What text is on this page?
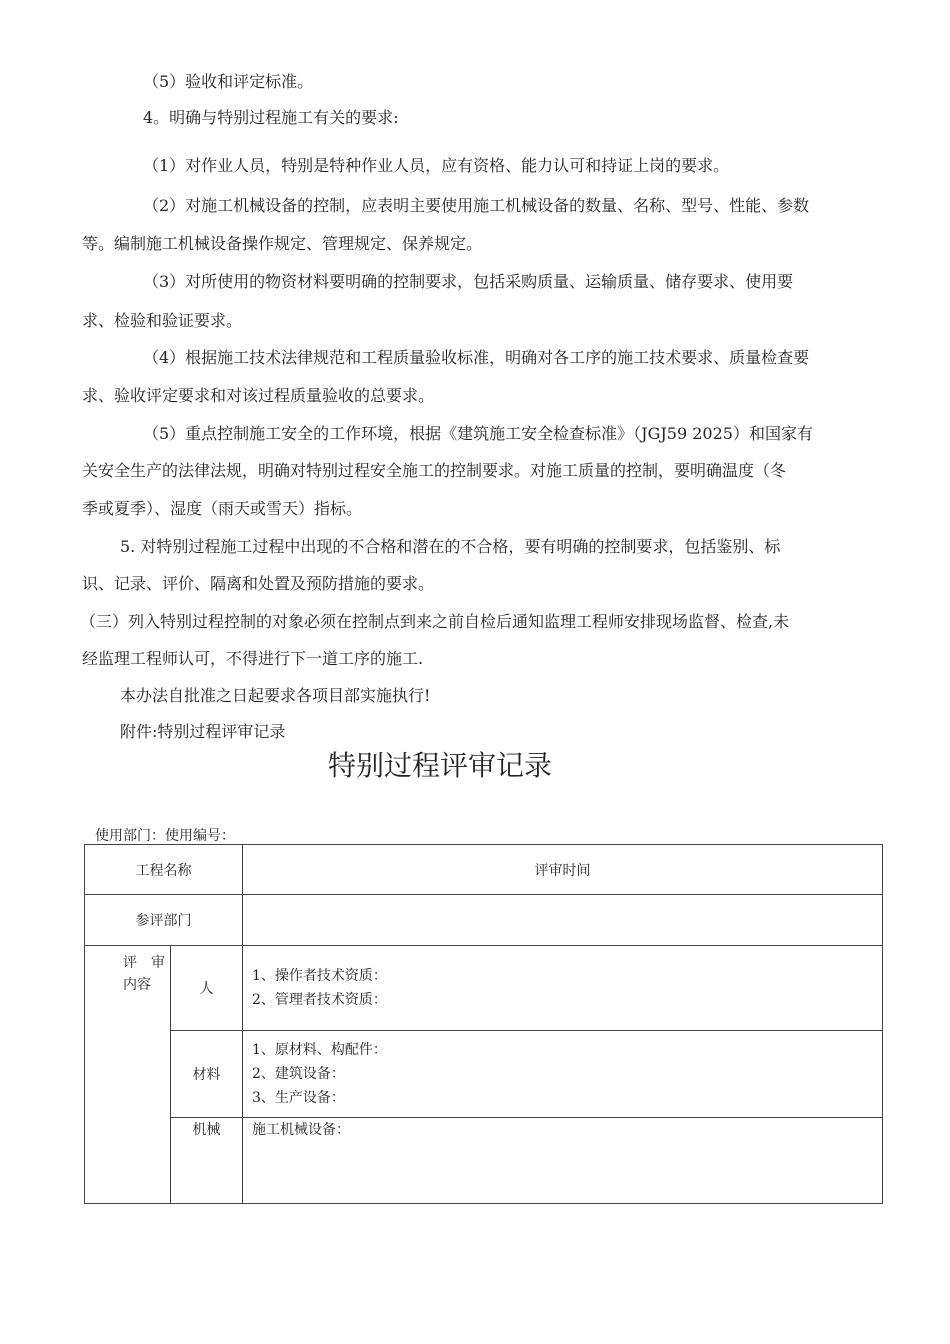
（5）验收和评定标准。
4。明确与特别过程施工有关的要求:
（1）对作业人员，特别是特种作业人员，应有资格、能力认可和持证上岗的要求。
（2）对施工机械设备的控制，应表明主要使用施工机械设备的数量、名称、型号、性能、参数
等。编制施工机械设备操作规定、管理规定、保养规定。
（3）对所使用的物资材料要明确的控制要求，包括采购质量、运输质量、储存要求、使用要
求、检验和验证要求。
（4）根据施工技术法律规范和工程质量验收标准，明确对各工序的施工技术要求、质量检查要
求、验收评定要求和对该过程质量验收的总要求。
（5）重点控制施工安全的工作环境，根据《建筑施工安全检查标准》（JGJ59 2025）和国家有
关安全生产的法律法规，明确对特别过程安全施工的控制要求。对施工质量的控制，要明确温度（冬
季或夏季）、湿度（雨天或雪天）指标。
5. 对特别过程施工过程中出现的不合格和潜在的不合格，要有明确的控制要求，包括鉴别、标
识、记录、评价、隔离和处置及预防措施的要求。
（三）列入特别过程控制的对象必须在控制点到来之前自检后通知监理工程师安排现场监督、检查,未
经监理工程师认可，不得进行下一道工序的施工.
本办法自批准之日起要求各项目部实施执行!
附件:特别过程评审记录
特别过程评审记录
使用部门：使用编号：
工程名称		评审时间
参评部门		
评　审内容	人	1、操作者技术资质：
2、管理者技术资质：

	材料	1、原材料、构配件：
2、建筑设备：
3、生产设备：

	机械	施工机械设备：
